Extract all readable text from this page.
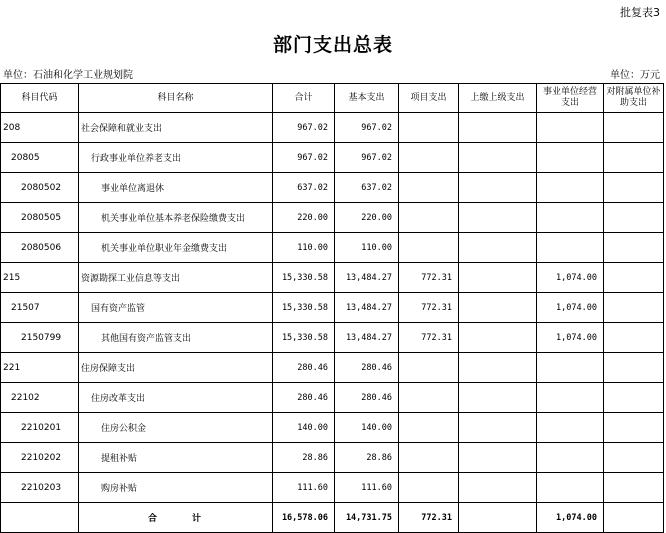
批复表3
部门支出总表
单位：石油和化学工业规划院	单位：万元
科目代码	科目名称	合计	基本支出	项目支出	上缴上级支出	事业单位经营支出	对附属单位补助支出
208	社会保障和就业支出	967.02	967.02				
20805	行政事业单位养老支出	967.02	967.02				
2080502	事业单位离退休	637.02	637.02				
2080505	机关事业单位基本养老保险缴费支出	220.00	220.00				
2080506	机关事业单位职业年金缴费支出	110.00	110.00				
215	资源勘探工业信息等支出	15,330.58	13,484.27	772.31		1,074.00	
21507	国有资产监管	15,330.58	13,484.27	772.31		1,074.00	
2150799	其他国有资产监管支出	15,330.58	13,484.27	772.31		1,074.00	
221	住房保障支出	280.46	280.46				
22102	住房改革支出	280.46	280.46				
2210201	住房公积金	140.00	140.00				
2210202	提租补贴	28.86	28.86				
2210203	购房补贴	111.60	111.60				
	合　　　计	16,578.06	14,731.75	772.31		1,074.00	
